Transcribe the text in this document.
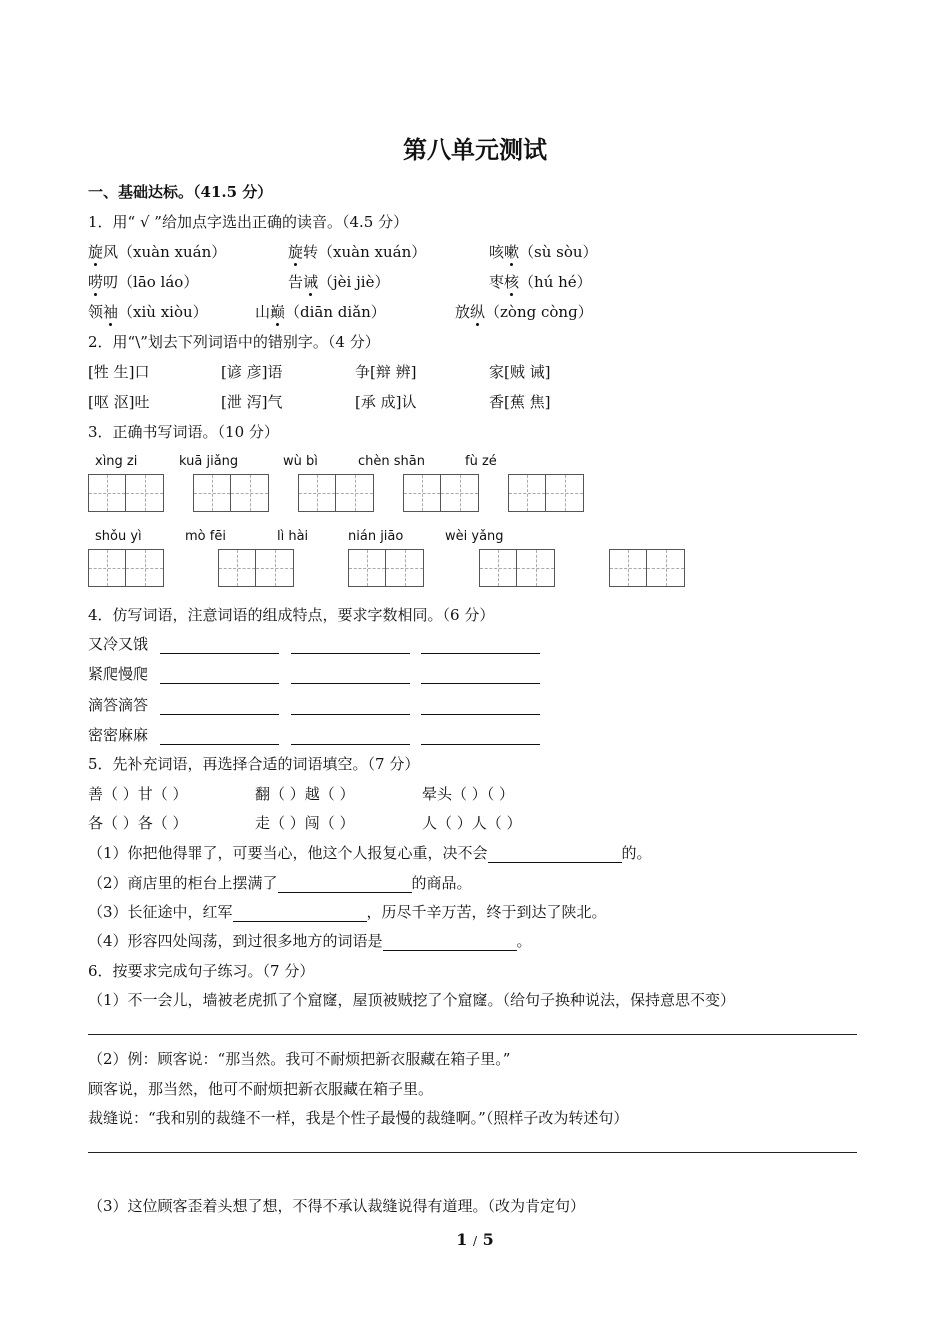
第八单元测试
一、基础达标。（41.5 分）
1．用“ √ ”给加点字选出正确的读音。（4.5 分）
旋风（xuàn xuán）	旋转（xuàn xuán）	咳嗽（sù sòu）
唠叨（lāo láo）	告诫（jèi jiè）	枣核（hú hé）
领袖（xiù xiòu）	山巅（diān diǎn）	放纵（zòng cònɡ）
2．用“\”划去下列词语中的错别字。（4 分）
[牲 生]口	[谚 彦]语	争[辩 辨]	家[贼 诫]
[呕 沤]吐	[泄 泻]气	[承 成]认	香[蕉 焦]
3．正确书写词语。（10 分）
xìng zi	kuā jiǎng	wù bì	chèn shān	fù zé
shǒu yì	mò fēi	lì hài	nián jiāo	wèi yǎng
4．仿写词语，注意词语的组成特点，要求字数相同。（6 分）
又冷又饿
紧爬慢爬
滴答滴答
密密麻麻
5．先补充词语，再选择合适的词语填空。（7 分）
善（ ）甘（ ）	翻（ ）越（ ）	晕头（ ）（ ）
各（ ）各（ ）	走（ ）闯（ ）	人（ ）人（ ）
（1）你把他得罪了，可要当心，他这个人报复心重，决不会	的。
（2）商店里的柜台上摆满了	的商品。
（3）长征途中，红军	，历尽千辛万苦，终于到达了陕北。
（4）形容四处闯荡，到过很多地方的词语是	。
6．按要求完成句子练习。（7 分）
（1）不一会儿，墙被老虎抓了个窟窿，屋顶被贼挖了个窟窿。（给句子换种说法，保持意思不变）
（2）例：顾客说：“那当然。我可不耐烦把新衣服藏在箱子里。”
顾客说，那当然，他可不耐烦把新衣服藏在箱子里。
裁缝说：“我和别的裁缝不一样，我是个性子最慢的裁缝啊。”（照样子改为转述句）
（3）这位顾客歪着头想了想，不得不承认裁缝说得有道理。（改为肯定句）
1 / 5
